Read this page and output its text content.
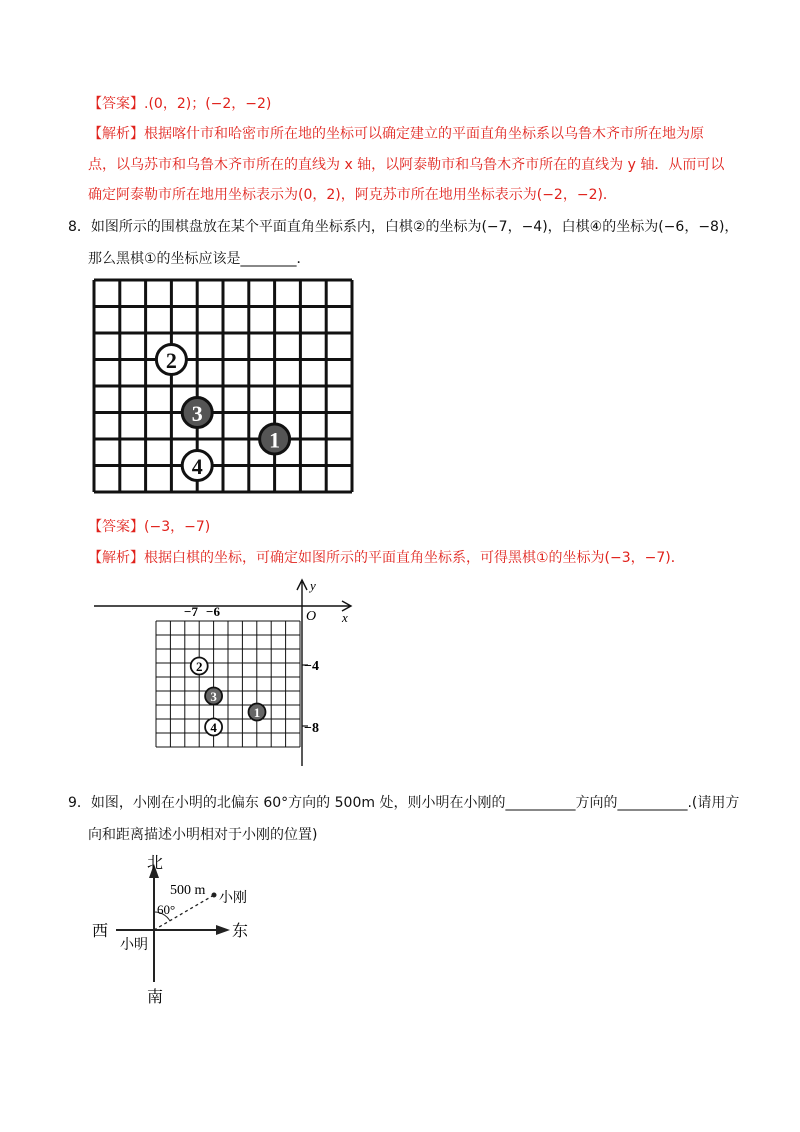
【答案】.(0，2)；(−2，−2)
【解析】根据喀什市和哈密市所在地的坐标可以确定建立的平面直角坐标系以乌鲁木齐市所在地为原
点，以乌苏市和乌鲁木齐市所在的直线为 x 轴，以阿泰勒市和乌鲁木齐市所在的直线为 y 轴．从而可以
确定阿泰勒市所在地用坐标表示为(0，2)，阿克苏市所在地用坐标表示为(−2，−2)．
8．如图所示的围棋盘放在某个平面直角坐标系内，白棋②的坐标为(−7，−4)，白棋④的坐标为(−6，−8)，
那么黑棋①的坐标应该是________．
2
3
1
4
【答案】(−3，−7)
【解析】根据白棋的坐标，可确定如图所示的平面直角坐标系，可得黑棋①的坐标为(−3，−7)．
y
x
O
−7 −6
−4
−8
2
3
1
4
9．如图，小刚在小明的北偏东 60°方向的 500m 处，则小明在小刚的__________方向的__________.(请用方
向和距离描述小明相对于小刚的位置)
北
南
东
西
500 m
60°
小刚
小明
